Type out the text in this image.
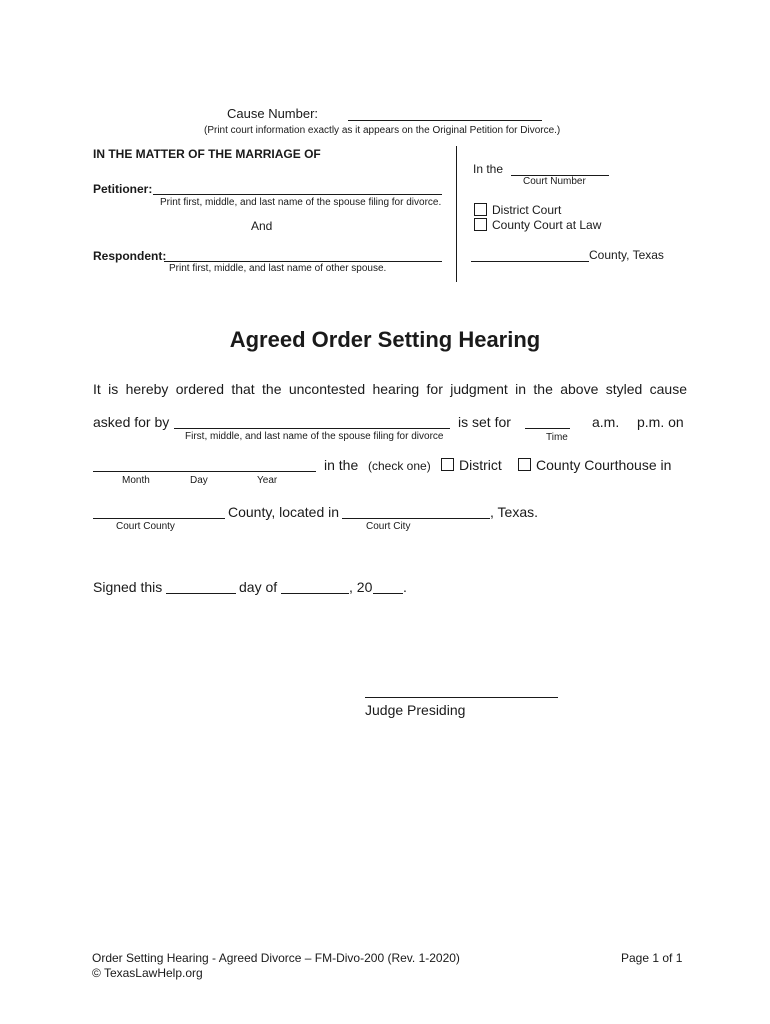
Cause Number:
(Print court information exactly as it appears on the Original Petition for Divorce.)
IN THE MATTER OF THE MARRIAGE OF
Petitioner:
Print first, middle, and last name of the spouse filing for divorce.
And
Respondent:
Print first, middle, and last name of other spouse.
In the
Court Number
District Court
County Court at Law
County, Texas
Agreed Order Setting Hearing
It is hereby ordered that the uncontested hearing for judgment in the above styled cause
asked for by
First, middle, and last name of the spouse filing for divorce
is set for
Time
a.m. p.m. on
Month	Day	Year
in the (check one) District County Courthouse in
Court County
County, located in
Court City
, Texas.
Signed this	day of	, 20 .
Judge Presiding
Order Setting Hearing - Agreed Divorce – FM-Divo-200 (Rev. 1-2020)
© TexasLawHelp.org
Page 1 of 1
